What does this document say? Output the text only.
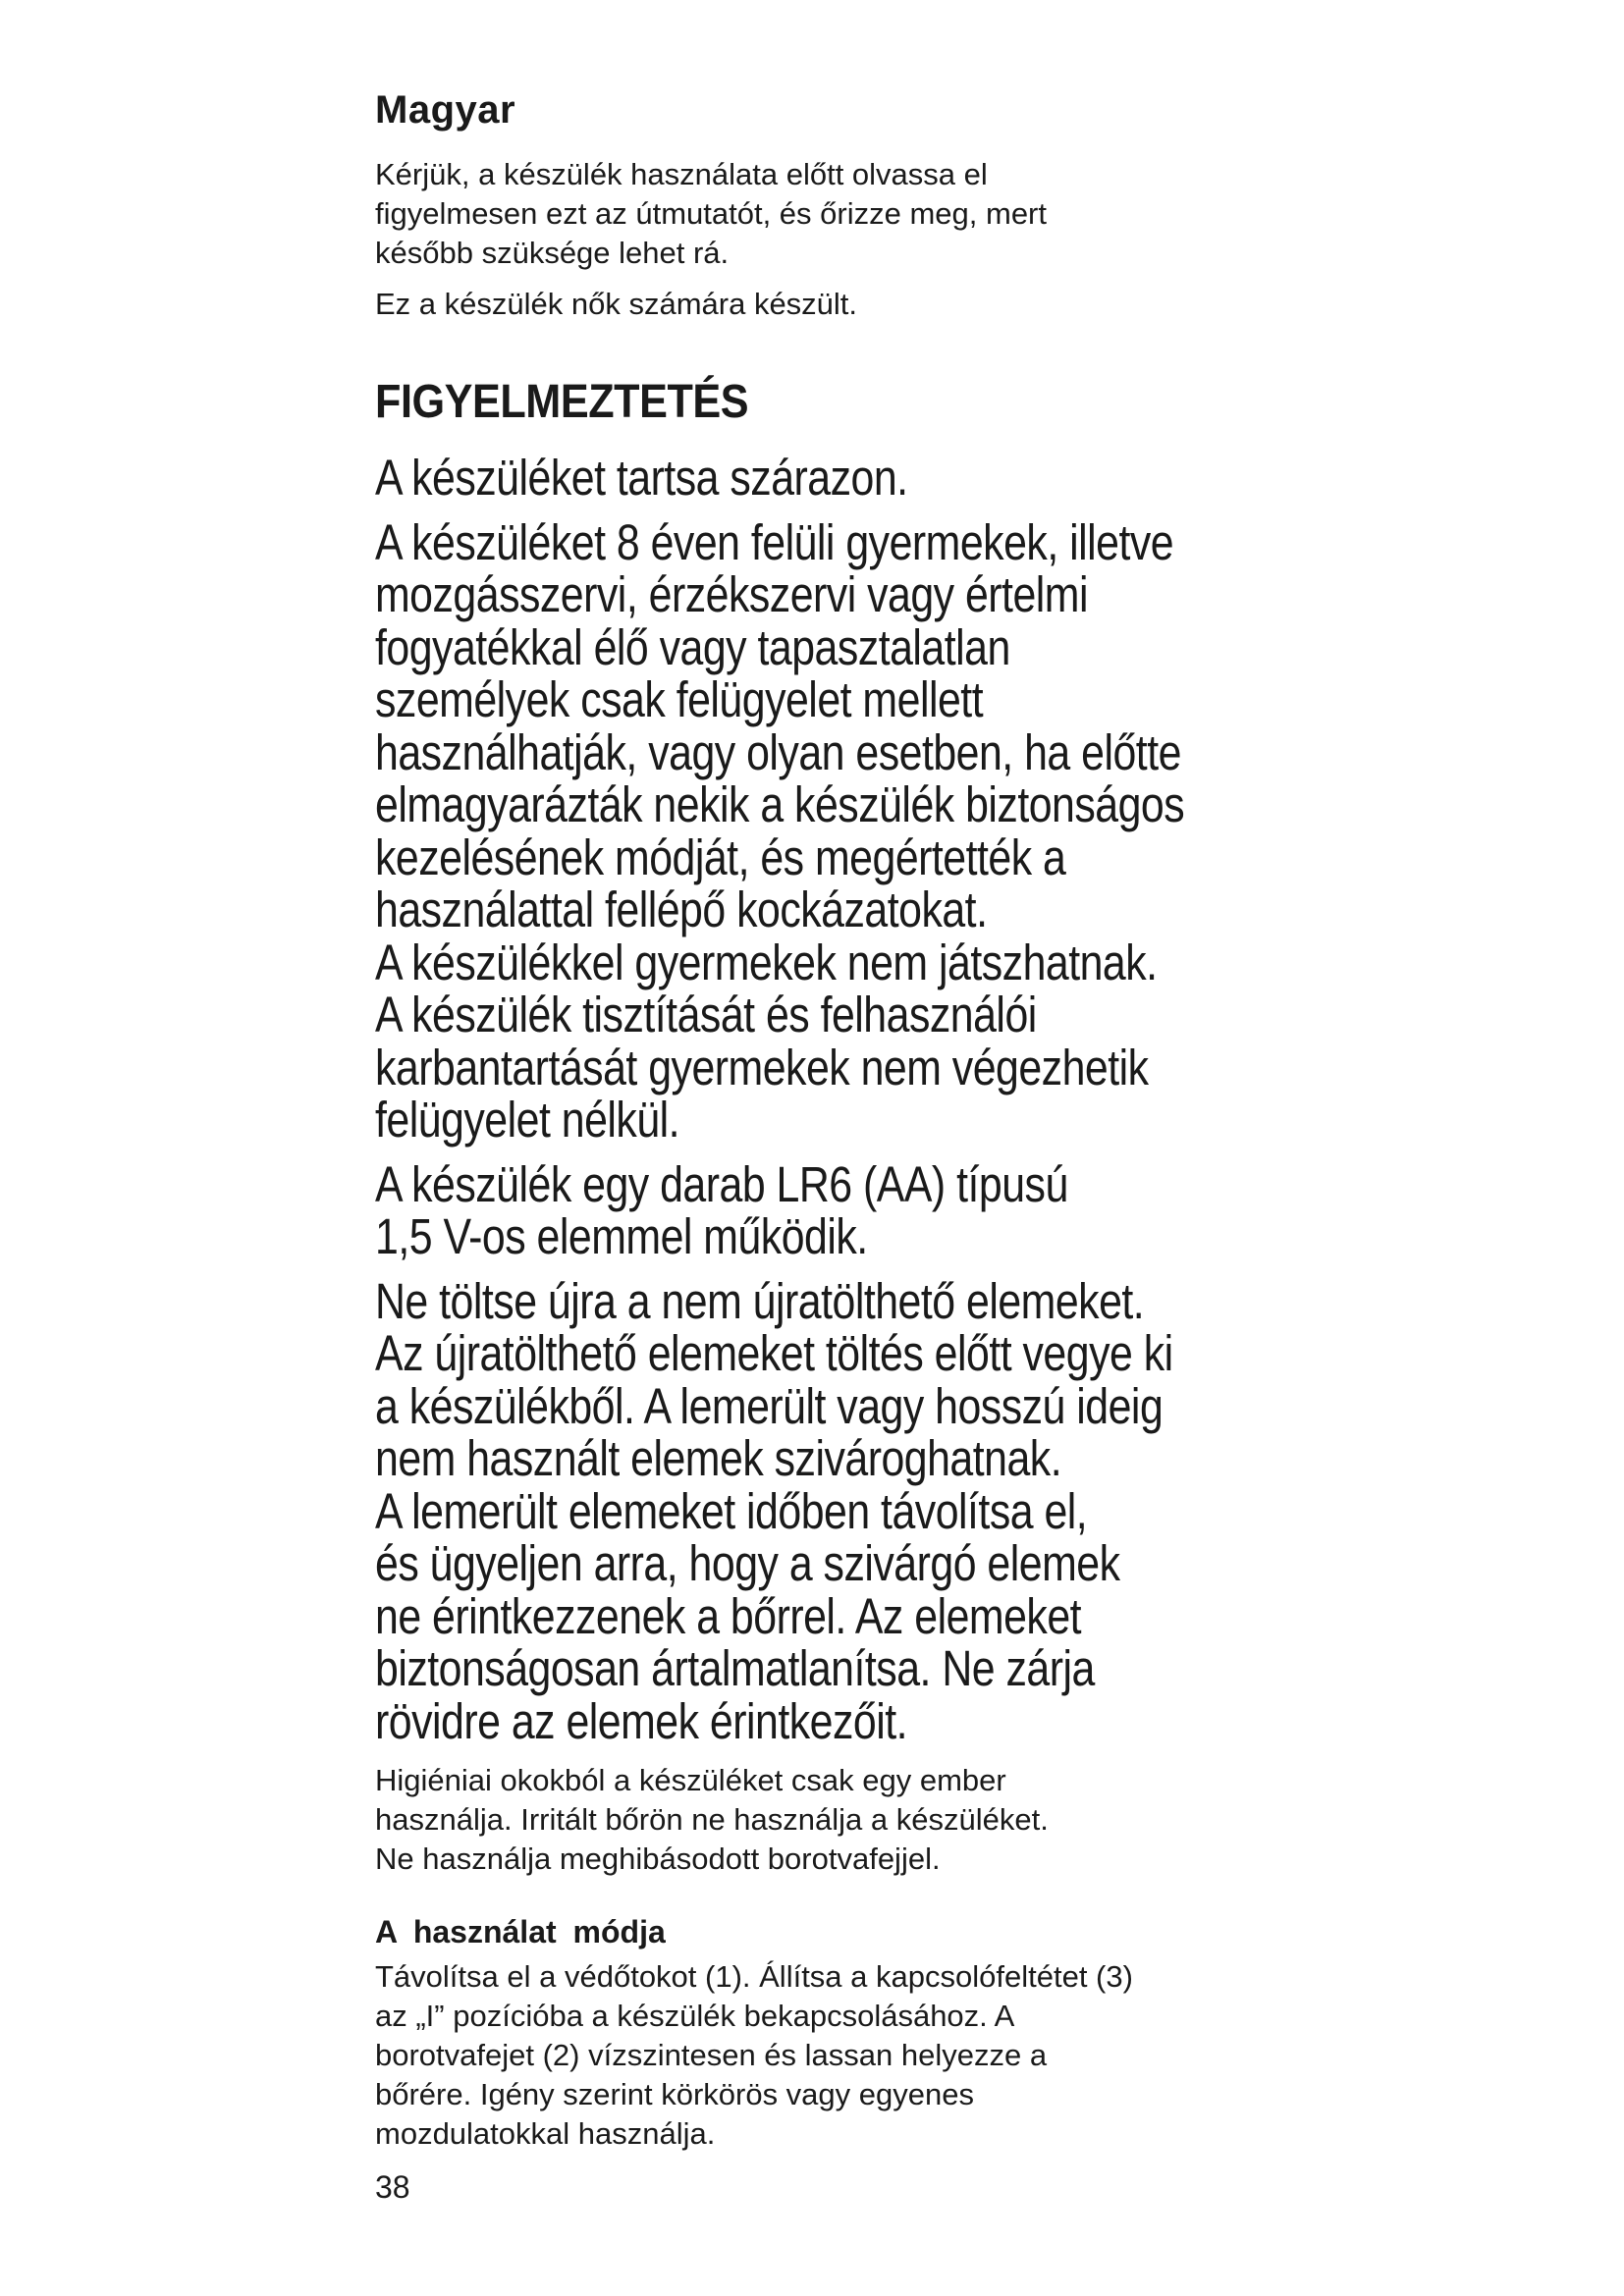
Magyar

Kérjük, a készülék használata előtt olvassa el
figyelmesen ezt az útmutatót, és őrizze meg, mert
később szüksége lehet rá.

Ez a készülék nők számára készült.

FIGYELMEZTETÉS

A készüléket tartsa szárazon.

A készüléket 8 éven felüli gyermekek, illetve
mozgásszervi, érzékszervi vagy értelmi
fogyatékkal élő vagy tapasztalatlan
személyek csak felügyelet mellett
használhatják, vagy olyan esetben, ha előtte
elmagyarázták nekik a készülék biztonságos
kezelésének módját, és megértették a
használattal fellépő kockázatokat.
A készülékkel gyermekek nem játszhatnak.
A készülék tisztítását és felhasználói
karbantartását gyermekek nem végezhetik
felügyelet nélkül.

A készülék egy darab LR6 (AA) típusú
1,5 V-os elemmel működik.

Ne töltse újra a nem újratölthető elemeket.
Az újratölthető elemeket töltés előtt vegye ki
a készülékből. A lemerült vagy hosszú ideig
nem használt elemek szivároghatnak.
A lemerült elemeket időben távolítsa el,
és ügyeljen arra, hogy a szivárgó elemek
ne érintkezzenek a bőrrel. Az elemeket
biztonságosan ártalmatlanítsa. Ne zárja
rövidre az elemek érintkezőit.

Higiéniai okokból a készüléket csak egy ember
használja. Irritált bőrön ne használja a készüléket.
Ne használja meghibásodott borotvafejjel.

A használat módja

Távolítsa el a védőtokot (1). Állítsa a kapcsolófeltétet (3)
az „I” pozícióba a készülék bekapcsolásához. A
borotvafejet (2) vízszintesen és lassan helyezze a
bőrére. Igény szerint körkörös vagy egyenes
mozdulatokkal használja.

38
